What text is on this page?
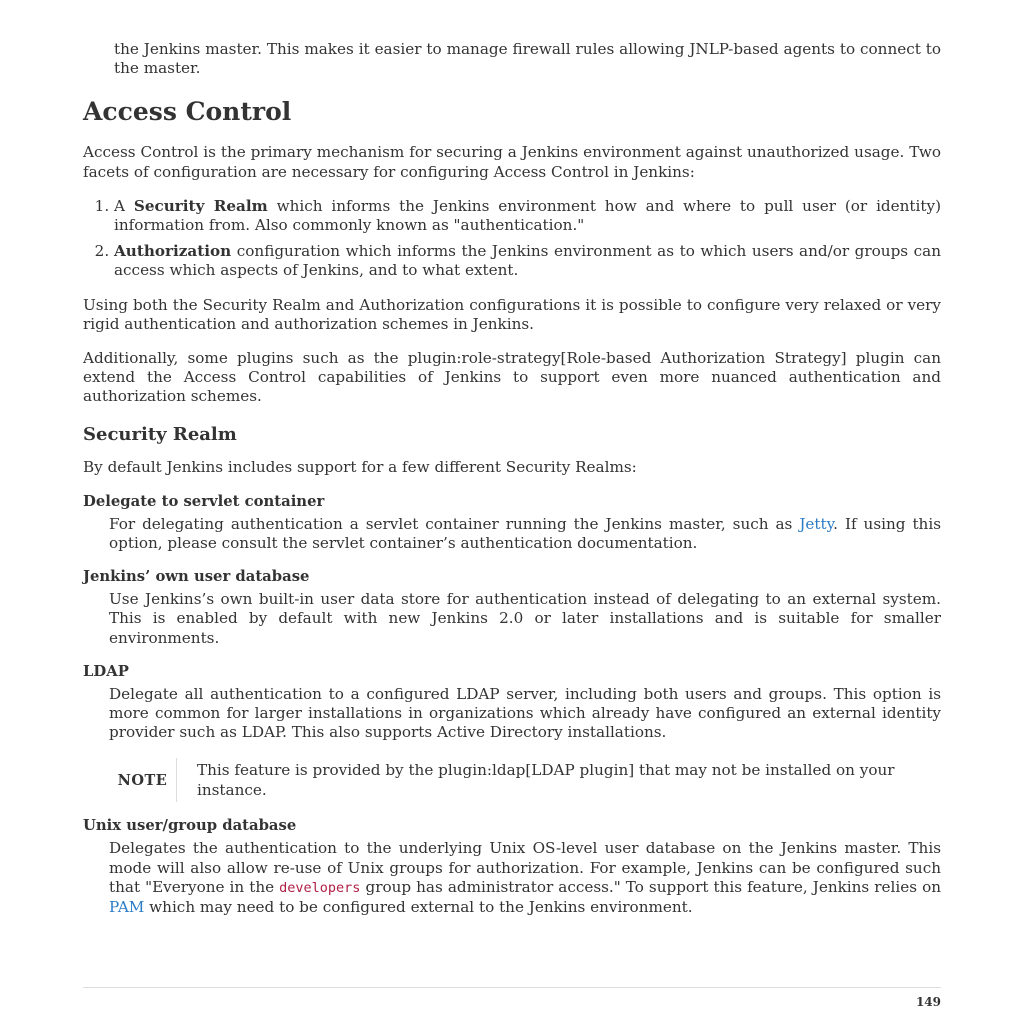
the Jenkins master. This makes it easier to manage firewall rules allowing JNLP-based agents to connect to the master.

Access Control

Access Control is the primary mechanism for securing a Jenkins environment against unauthorized usage. Two facets of configuration are necessary for configuring Access Control in Jenkins:

1. A Security Realm which informs the Jenkins environment how and where to pull user (or identity) information from. Also commonly known as "authentication."
2. Authorization configuration which informs the Jenkins environment as to which users and/or groups can access which aspects of Jenkins, and to what extent.

Using both the Security Realm and Authorization configurations it is possible to configure very relaxed or very rigid authentication and authorization schemes in Jenkins.

Additionally, some plugins such as the plugin:role-strategy[Role-based Authorization Strategy] plugin can extend the Access Control capabilities of Jenkins to support even more nuanced authentication and authorization schemes.

Security Realm

By default Jenkins includes support for a few different Security Realms:

Delegate to servlet container
For delegating authentication a servlet container running the Jenkins master, such as Jetty. If using this option, please consult the servlet container’s authentication documentation.
Jenkins’ own user database
Use Jenkins’s own built-in user data store for authentication instead of delegating to an external system. This is enabled by default with new Jenkins 2.0 or later installations and is suitable for smaller environments.
LDAP
Delegate all authentication to a configured LDAP server, including both users and groups. This option is more common for larger installations in organizations which already have configured an external identity provider such as LDAP. This also supports Active Directory installations.
NOTE
This feature is provided by the plugin:ldap[LDAP plugin] that may not be installed on your instance.
Unix user/group database
Delegates the authentication to the underlying Unix OS-level user database on the Jenkins master. This mode will also allow re-use of Unix groups for authorization. For example, Jenkins can be configured such that "Everyone in the developers group has administrator access." To support this feature, Jenkins relies on PAM which may need to be configured external to the Jenkins environment.
149
